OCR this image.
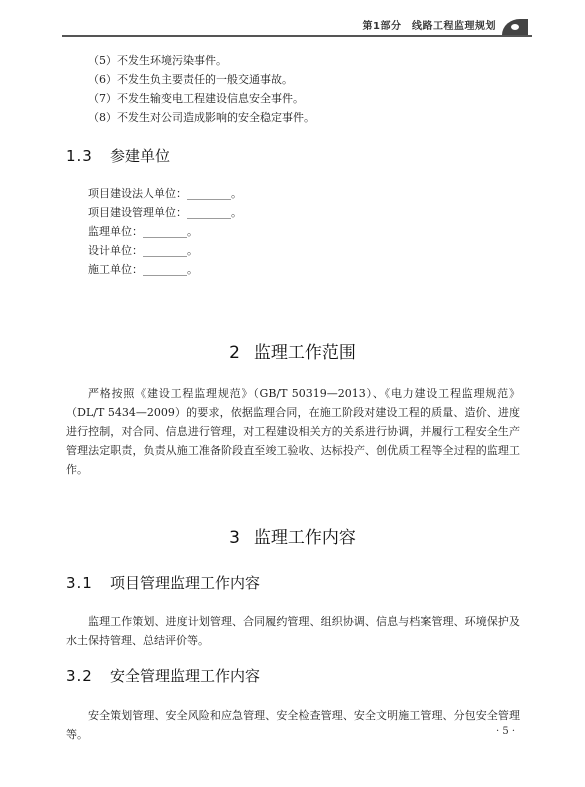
第1部分　线路工程监理规划
（5）不发生环境污染事件。
（6）不发生负主要责任的一般交通事故。
（7）不发生输变电工程建设信息安全事件。
（8）不发生对公司造成影响的安全稳定事件。
1.3 参建单位
项目建设法人单位：________。
项目建设管理单位：________。
监理单位：________。
设计单位：________。
施工单位：________。
2 监理工作范围
严格按照《建设工程监理规范》（GB/T 50319—2013）、《电力建设工程监理规范》（DL/T 5434—2009）的要求，依据监理合同，在施工阶段对建设工程的质量、造价、进度进行控制，对合同、信息进行管理，对工程建设相关方的关系进行协调，并履行工程安全生产管理法定职责，负责从施工准备阶段直至竣工验收、达标投产、创优质工程等全过程的监理工作。
3 监理工作内容
3.1 项目管理监理工作内容
监理工作策划、进度计划管理、合同履约管理、组织协调、信息与档案管理、环境保护及水土保持管理、总结评价等。
3.2 安全管理监理工作内容
安全策划管理、安全风险和应急管理、安全检查管理、安全文明施工管理、分包安全管理等。	· 5 ·
